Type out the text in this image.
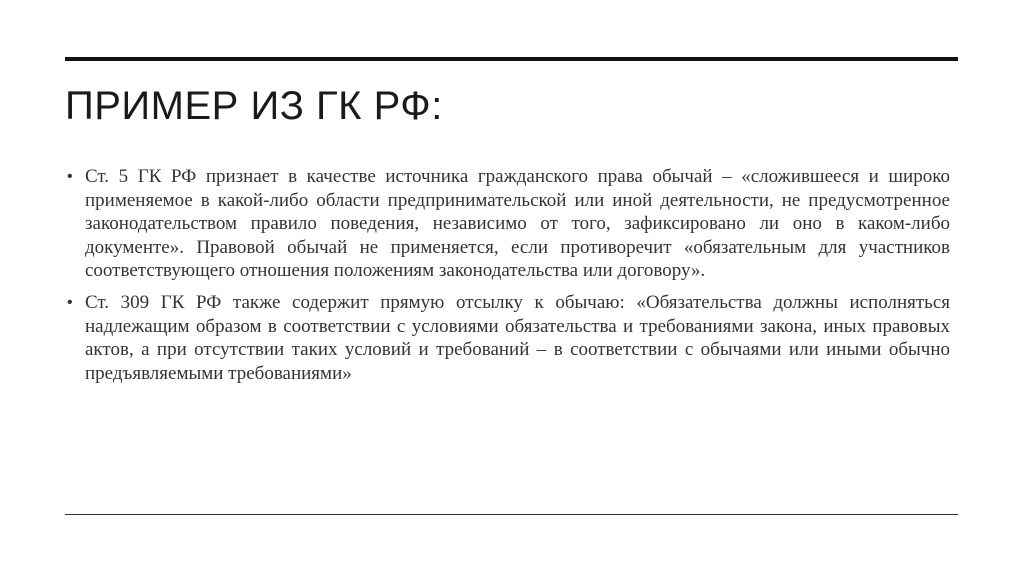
ПРИМЕР ИЗ ГК РФ:
• Ст. 5 ГК РФ признает в качестве источника гражданского права обычай – «сложившееся и широко применяемое в какой-либо области предпринимательской или иной деятельности, не предусмотренное законодательством правило поведения, независимо от того, зафиксировано ли оно в каком-либо документе». Правовой обычай не применяется, если противоречит «обязательным для участников соответствующего отношения положениям законодательства или договору».
• Ст. 309 ГК РФ также содержит прямую отсылку к обычаю: «Обязательства должны исполняться надлежащим образом в соответствии с условиями обязательства и требованиями закона, иных правовых актов, а при отсутствии таких условий и требований – в соответствии с обычаями или иными обычно предъявляемыми требованиями»
